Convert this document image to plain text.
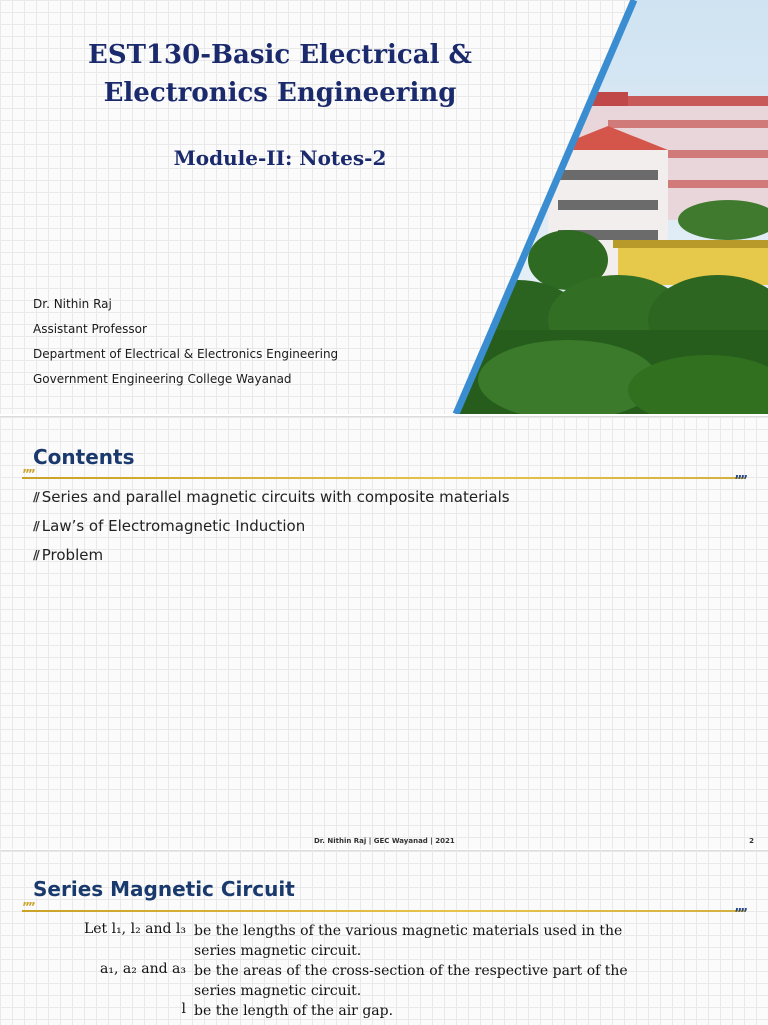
EST130-Basic Electrical &
Electronics Engineering
Module-II: Notes-2
Dr. Nithin Raj
Assistant Professor
Department of Electrical & Electronics Engineering
Government Engineering College Wayanad
Contents
””	””
// Series and parallel magnetic circuits with composite materials
// Law’s of Electromagnetic Induction
// Problem
Dr. Nithin Raj | GEC Wayanad | 2021	2
Series Magnetic Circuit
””	””
Let l₁, l₂ and l₃ be the lengths of the various magnetic materials used in the series magnetic circuit.
a₁, a₂ and a₃ be the areas of the cross-section of the respective part of the series magnetic circuit.
l be the length of the air gap.
